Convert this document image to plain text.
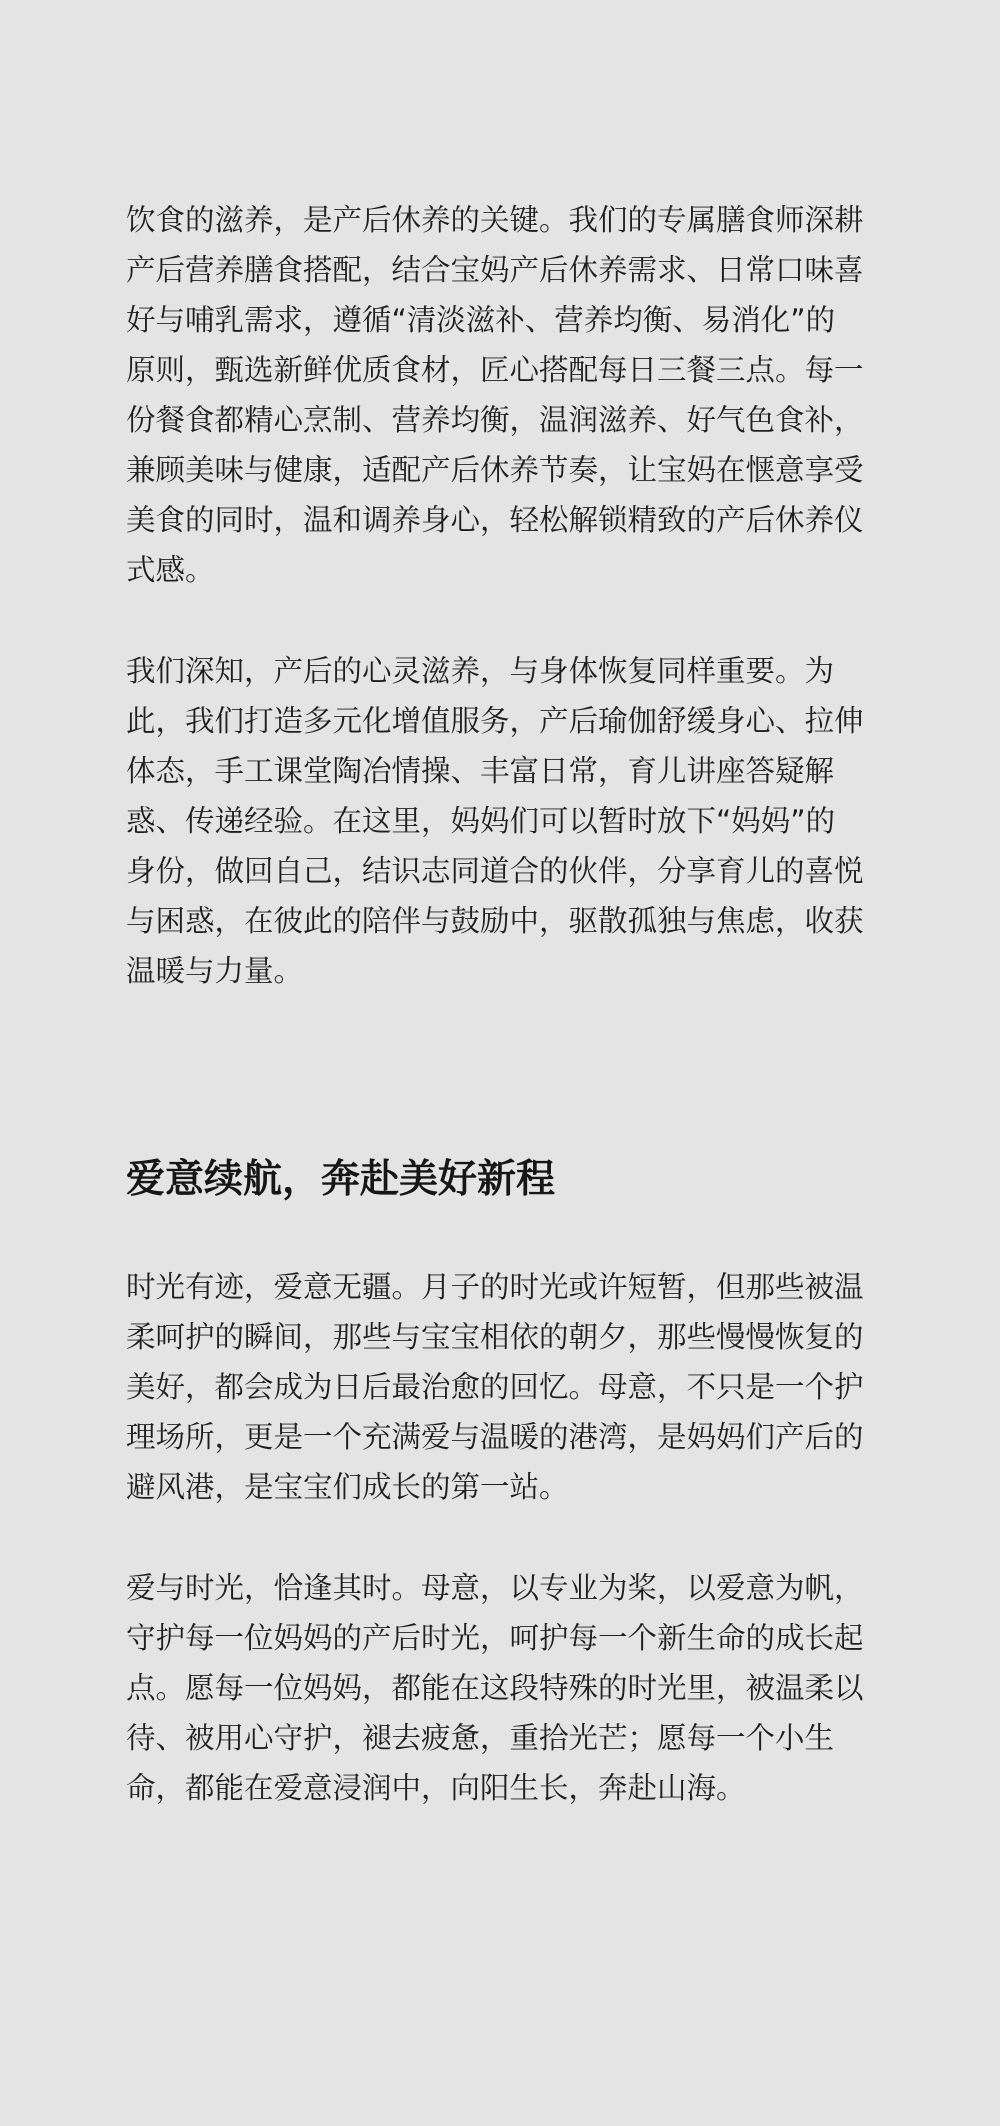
饮食的滋养，是产后休养的关键。我们的专属膳食师深耕
产后营养膳食搭配，结合宝妈产后休养需求、日常口味喜
好与哺乳需求，遵循“清淡滋补、营养均衡、易消化”的
原则，甄选新鲜优质食材，匠心搭配每日三餐三点。每一
份餐食都精心烹制、营养均衡，温润滋养、好气色食补，
兼顾美味与健康，适配产后休养节奏，让宝妈在惬意享受
美食的同时，温和调养身心，轻松解锁精致的产后休养仪
式感。
我们深知，产后的心灵滋养，与身体恢复同样重要。为
此，我们打造多元化增值服务，产后瑜伽舒缓身心、拉伸
体态，手工课堂陶冶情操、丰富日常，育儿讲座答疑解
惑、传递经验。在这里，妈妈们可以暂时放下“妈妈”的
身份，做回自己，结识志同道合的伙伴，分享育儿的喜悦
与困惑，在彼此的陪伴与鼓励中，驱散孤独与焦虑，收获
温暖与力量。
爱意续航，奔赴美好新程
时光有迹，爱意无疆。月子的时光或许短暂，但那些被温
柔呵护的瞬间，那些与宝宝相依的朝夕，那些慢慢恢复的
美好，都会成为日后最治愈的回忆。母意，不只是一个护
理场所，更是一个充满爱与温暖的港湾，是妈妈们产后的
避风港，是宝宝们成长的第一站。
爱与时光，恰逢其时。母意，以专业为桨，以爱意为帆，
守护每一位妈妈的产后时光，呵护每一个新生命的成长起
点。愿每一位妈妈，都能在这段特殊的时光里，被温柔以
待、被用心守护，褪去疲惫，重拾光芒；愿每一个小生
命，都能在爱意浸润中，向阳生长，奔赴山海。
